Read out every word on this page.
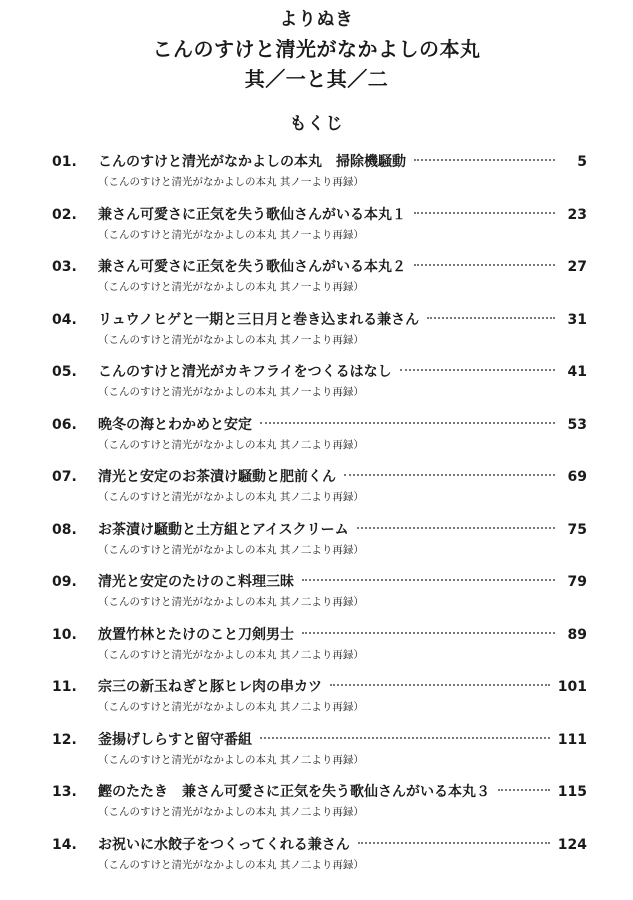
よりぬき
こんのすけと清光がなかよしの本丸
其／一と其／二
もくじ
01.	こんのすけと清光がなかよしの本丸　掃除機騒動	5
（こんのすけと清光がなかよしの本丸 其ノ一より再録）
02.	兼さん可愛さに正気を失う歌仙さんがいる本丸１	23
（こんのすけと清光がなかよしの本丸 其ノ一より再録）
03.	兼さん可愛さに正気を失う歌仙さんがいる本丸２	27
（こんのすけと清光がなかよしの本丸 其ノ一より再録）
04.	リュウノヒゲと一期と三日月と巻き込まれる兼さん	31
（こんのすけと清光がなかよしの本丸 其ノ一より再録）
05.	こんのすけと清光がカキフライをつくるはなし	41
（こんのすけと清光がなかよしの本丸 其ノ一より再録）
06.	晩冬の海とわかめと安定	53
（こんのすけと清光がなかよしの本丸 其ノ二より再録）
07.	清光と安定のお茶漬け騒動と肥前くん	69
（こんのすけと清光がなかよしの本丸 其ノ二より再録）
08.	お茶漬け騒動と土方組とアイスクリーム	75
（こんのすけと清光がなかよしの本丸 其ノ二より再録）
09.	清光と安定のたけのこ料理三昧	79
（こんのすけと清光がなかよしの本丸 其ノ二より再録）
10.	放置竹林とたけのこと刀剣男士	89
（こんのすけと清光がなかよしの本丸 其ノ二より再録）
11.	宗三の新玉ねぎと豚ヒレ肉の串カツ	101
（こんのすけと清光がなかよしの本丸 其ノ二より再録）
12.	釜揚げしらすと留守番組	111
（こんのすけと清光がなかよしの本丸 其ノ二より再録）
13.	鰹のたたき　兼さん可愛さに正気を失う歌仙さんがいる本丸３	115
（こんのすけと清光がなかよしの本丸 其ノ二より再録）
14.	お祝いに水餃子をつくってくれる兼さん	124
（こんのすけと清光がなかよしの本丸 其ノ二より再録）
